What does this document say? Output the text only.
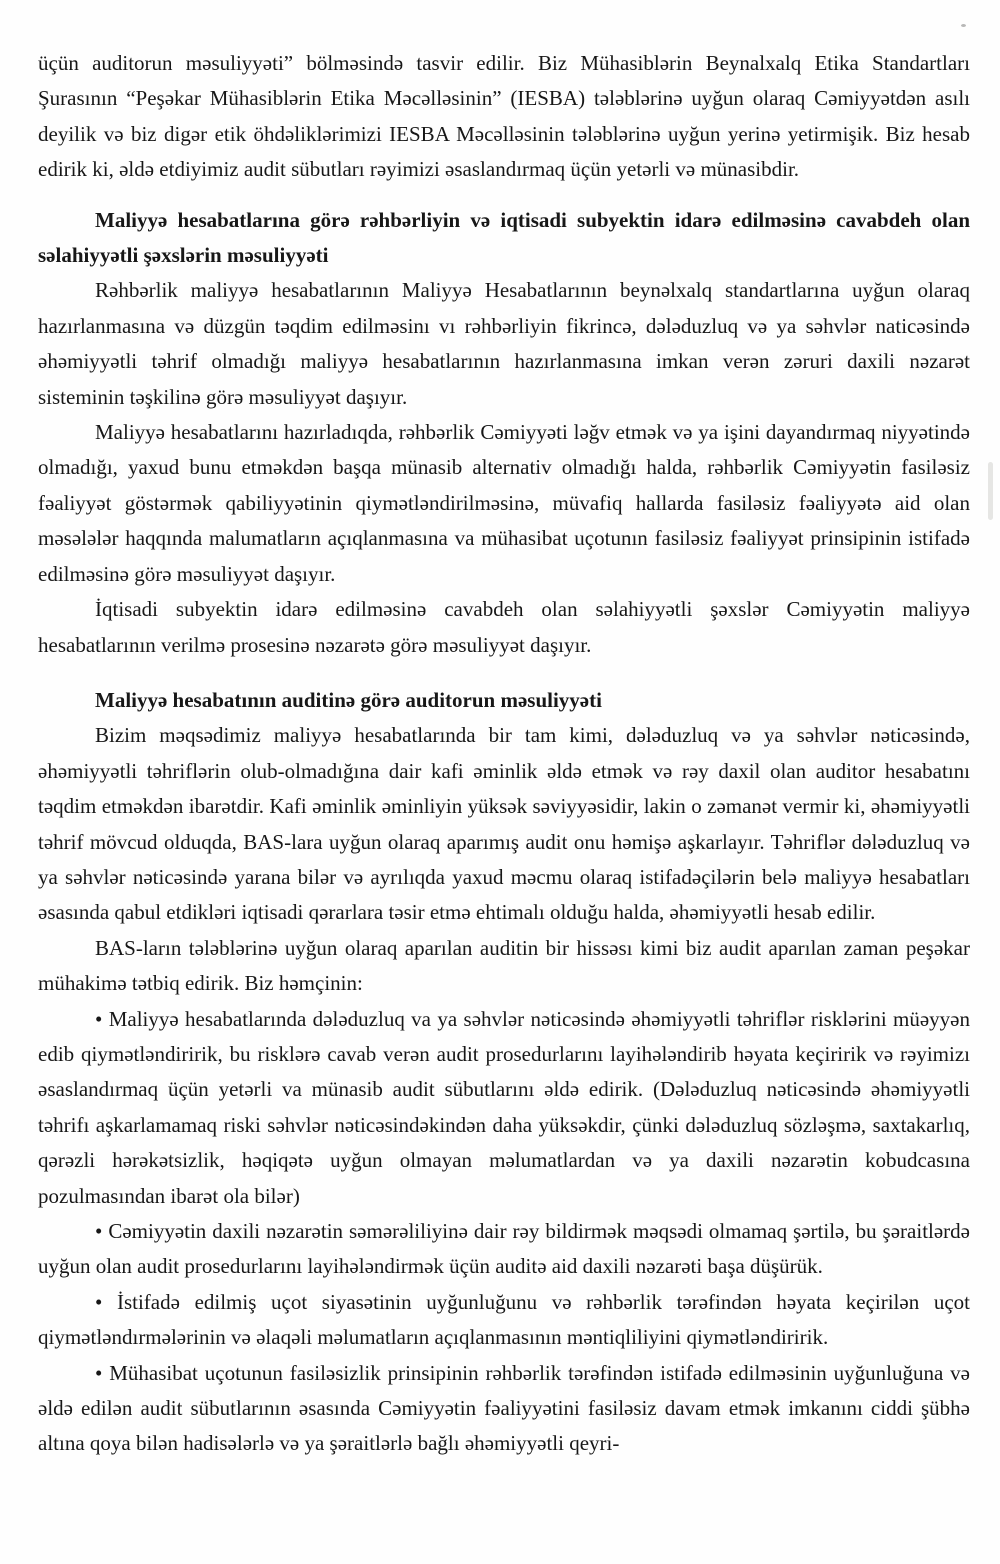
üçün auditorun məsuliyyəti” bölməsində tasvir edilir. Biz Mühasiblərin Beynalxalq Etika Standartları Şurasının “Peşəkar Mühasiblərin Etika Məcəlləsinin” (IESBA) tələblərinə uyğun olaraq Cəmiyyətdən asılı deyilik və biz digər etik öhdəliklərimizi IESBA Məcəlləsinin tələblərinə uyğun yerinə yetirmişik. Biz hesab edirik ki, əldə etdiyimiz audit sübutları rəyimizi əsaslandırmaq üçün yetərli və münasibdir.

Maliyyə hesabatlarına görə rəhbərliyin və iqtisadi subyektin idarə edilməsinə cavabdeh olan səlahiyyətli şəxslərin məsuliyyəti

Rəhbərlik maliyyə hesabatlarının Maliyyə Hesabatlarının beynəlxalq standartlarına uyğun olaraq hazırlanmasına və düzgün təqdim edilməsinı vı rəhbərliyin fikrincə, dələduzluq və ya səhvlər naticəsində əhəmiyyətli təhrif olmadığı maliyyə hesabatlarının hazırlanmasına imkan verən zəruri daxili nəzarət sisteminin təşkilinə görə məsuliyyət daşıyır.

Maliyyə hesabatlarını hazırladıqda, rəhbərlik Cəmiyyəti ləğv etmək və ya işini dayandırmaq niyyətində olmadığı, yaxud bunu etməkdən başqa münasib alternativ olmadığı halda, rəhbərlik Cəmiyyətin fasiləsiz fəaliyyət göstərmək qabiliyyətinin qiymətləndirilməsinə, müvafiq hallarda fasiləsiz fəaliyyətə aid olan məsələlər haqqında malumatların açıqlanmasına va mühasibat uçotunın fasiləsiz fəaliyyət prinsipinin istifadə edilməsinə görə məsuliyyət daşıyır.

İqtisadi subyektin idarə edilməsinə cavabdeh olan səlahiyyətli şəxslər Cəmiyyətin maliyyə hesabatlarının verilmə prosesinə nəzarətə görə məsuliyyət daşıyır.

Maliyyə hesabatının auditinə görə auditorun məsuliyyəti

Bizim məqsədimiz maliyyə hesabatlarında bir tam kimi, dələduzluq və ya səhvlər nəticəsində, əhəmiyyətli təhriflərin olub-olmadığına dair kafi əminlik əldə etmək və rəy daxil olan auditor hesabatını təqdim etməkdən ibarətdir. Kafi əminlik əminliyin yüksək səviyyəsidir, lakin o zəmanət vermir ki, əhəmiyyətli təhrif mövcud olduqda, BAS-lara uyğun olaraq aparımış audit onu həmişə aşkarlayır. Təhriflər dələduzluq və ya səhvlər nəticəsində yarana bilər və ayrılıqda yaxud məcmu olaraq istifadəçilərin belə maliyyə hesabatları əsasında qabul etdikləri iqtisadi qərarlara təsir etmə ehtimalı olduğu halda, əhəmiyyətli hesab edilir.

BAS-ların tələblərinə uyğun olaraq aparılan auditin bir hissəsı kimi biz audit aparılan zaman peşəkar mühakimə tətbiq edirik. Biz həmçinin:

• Maliyyə hesabatlarında dələduzluq va ya səhvlər nəticəsində əhəmiyyətli təhriflər risklərini müəyyən edib qiymətləndiririk, bu risklərə cavab verən audit prosedurlarını layihələndirib həyata keçiririk və rəyimizı əsaslandırmaq üçün yetərli va münasib audit sübutlarını əldə edirik. (Dələduzluq nəticəsində əhəmiyyətli təhrifı aşkarlamamaq riski səhvlər nəticəsindəkindən daha yüksəkdir, çünki dələduzluq sözləşmə, saxtakarlıq, qərəzli hərəkətsizlik, həqiqətə uyğun olmayan məlumatlardan və ya daxili nəzarətin kobudcasına pozulmasından ibarət ola bilər)

• Cəmiyyətin daxili nəzarətin səmərəliliyinə dair rəy bildirmək məqsədi olmamaq şərtilə, bu şəraitlərdə uyğun olan audit prosedurlarını layihələndirmək üçün auditə aid daxili nəzarəti başa düşürük.

• İstifadə edilmiş uçot siyasətinin uyğunluğunu və rəhbərlik tərəfindən həyata keçirilən uçot qiymətləndırmələrinin və əlaqəli məlumatların açıqlanmasının məntiqliliyini qiymətləndiririk.

• Mühasibat uçotunun fasiləsizlik prinsipinin rəhbərlik tərəfindən istifadə edilməsinin uyğunluğuna və əldə edilən audit sübutlarının əsasında Cəmiyyətin fəaliyyətini fasiləsiz davam etmək imkanını ciddi şübhə altına qoya bilən hadisələrlə və ya şəraitlərlə bağlı əhəmiyyətli qeyri-
